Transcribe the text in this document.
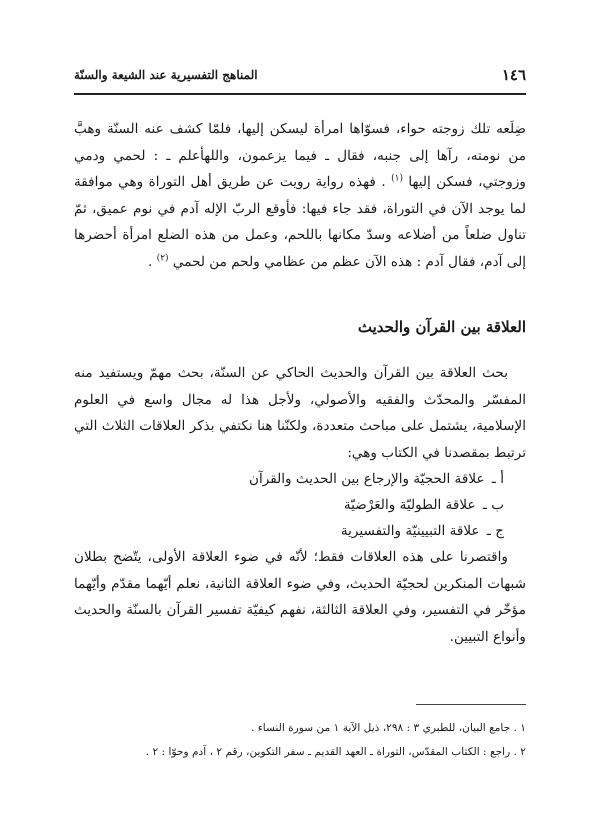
١٤٦
المناهج التفسيرية عند الشيعة والسنّة

ضِلَعه تلك زوجته حواء، فسوّاها امرأة ليسكن إليها، فلمّا كشف عنه السنّة وهبَّ من نومته، رآها إلى جنبه، فقال ـ فيما يزعمون، واللهأعلم ـ : لحمي ودمي وزوجتي، فسكن إليها $^{(١)}$ . فهذه رواية رويت عن طريق أهل التوراة وهي موافقة لما يوجد الآن في التوراة، فقد جاء فيها: فأوقع الربّ الإله آدم في نوم عميق، ثمّ تناول ضلعاً من أضلاعه وسدّ مكانها باللحم، وعمل من هذه الضلع امرأة أحضرها إلى آدم، فقال آدم : هذه الآن عظم من عظامي ولحم من لحمي $^{(٢)}$ .

العلاقة بين القرآن والحديث

بحث العلاقة بين القرآن والحديث الحاكي عن السنّة، بحث مهمّ ويستفيد منه المفسّر والمحدّث والفقيه والأصولي، ولأجل هذا له مجال واسع في العلوم الإسلامية، يشتمل على مباحث متعددة، ولكنّنا هنا نكتفي بذكر العلاقات الثلاث التي ترتبط بمقصدنا في الكتاب وهي:

أ ـ علاقة الحجيّة والإرجاع بين الحديث والقرآن
ب ـ علاقة الطوليّة والعَرْضيّة
ج ـ علاقة التبيينيّة والتفسيرية

واقتصرنا على هذه العلاقات فقط؛ لأنّه في ضوء العلاقة الأولى، يتّضح بطلان شبهات المنكرين لحجيّة الحديث، وفي ضوء العلاقة الثانية، نعلم أيّهما مقدّم وأيّهما مؤخّر في التفسير، وفي العلاقة الثالثة، نفهم كيفيّة تفسير القرآن بالسنّة والحديث وأنواع التبيين.

١ . جامع البيان، للطبري ٣ : ٢٩٨، ذيل الآية ١ من سورة النساء .

٢ . راجع : الكتاب المقدّس، التوراة ـ العهد القديم ـ سفر التكوين، رقم ٢ ، آدم وحوّا : ٢ .
